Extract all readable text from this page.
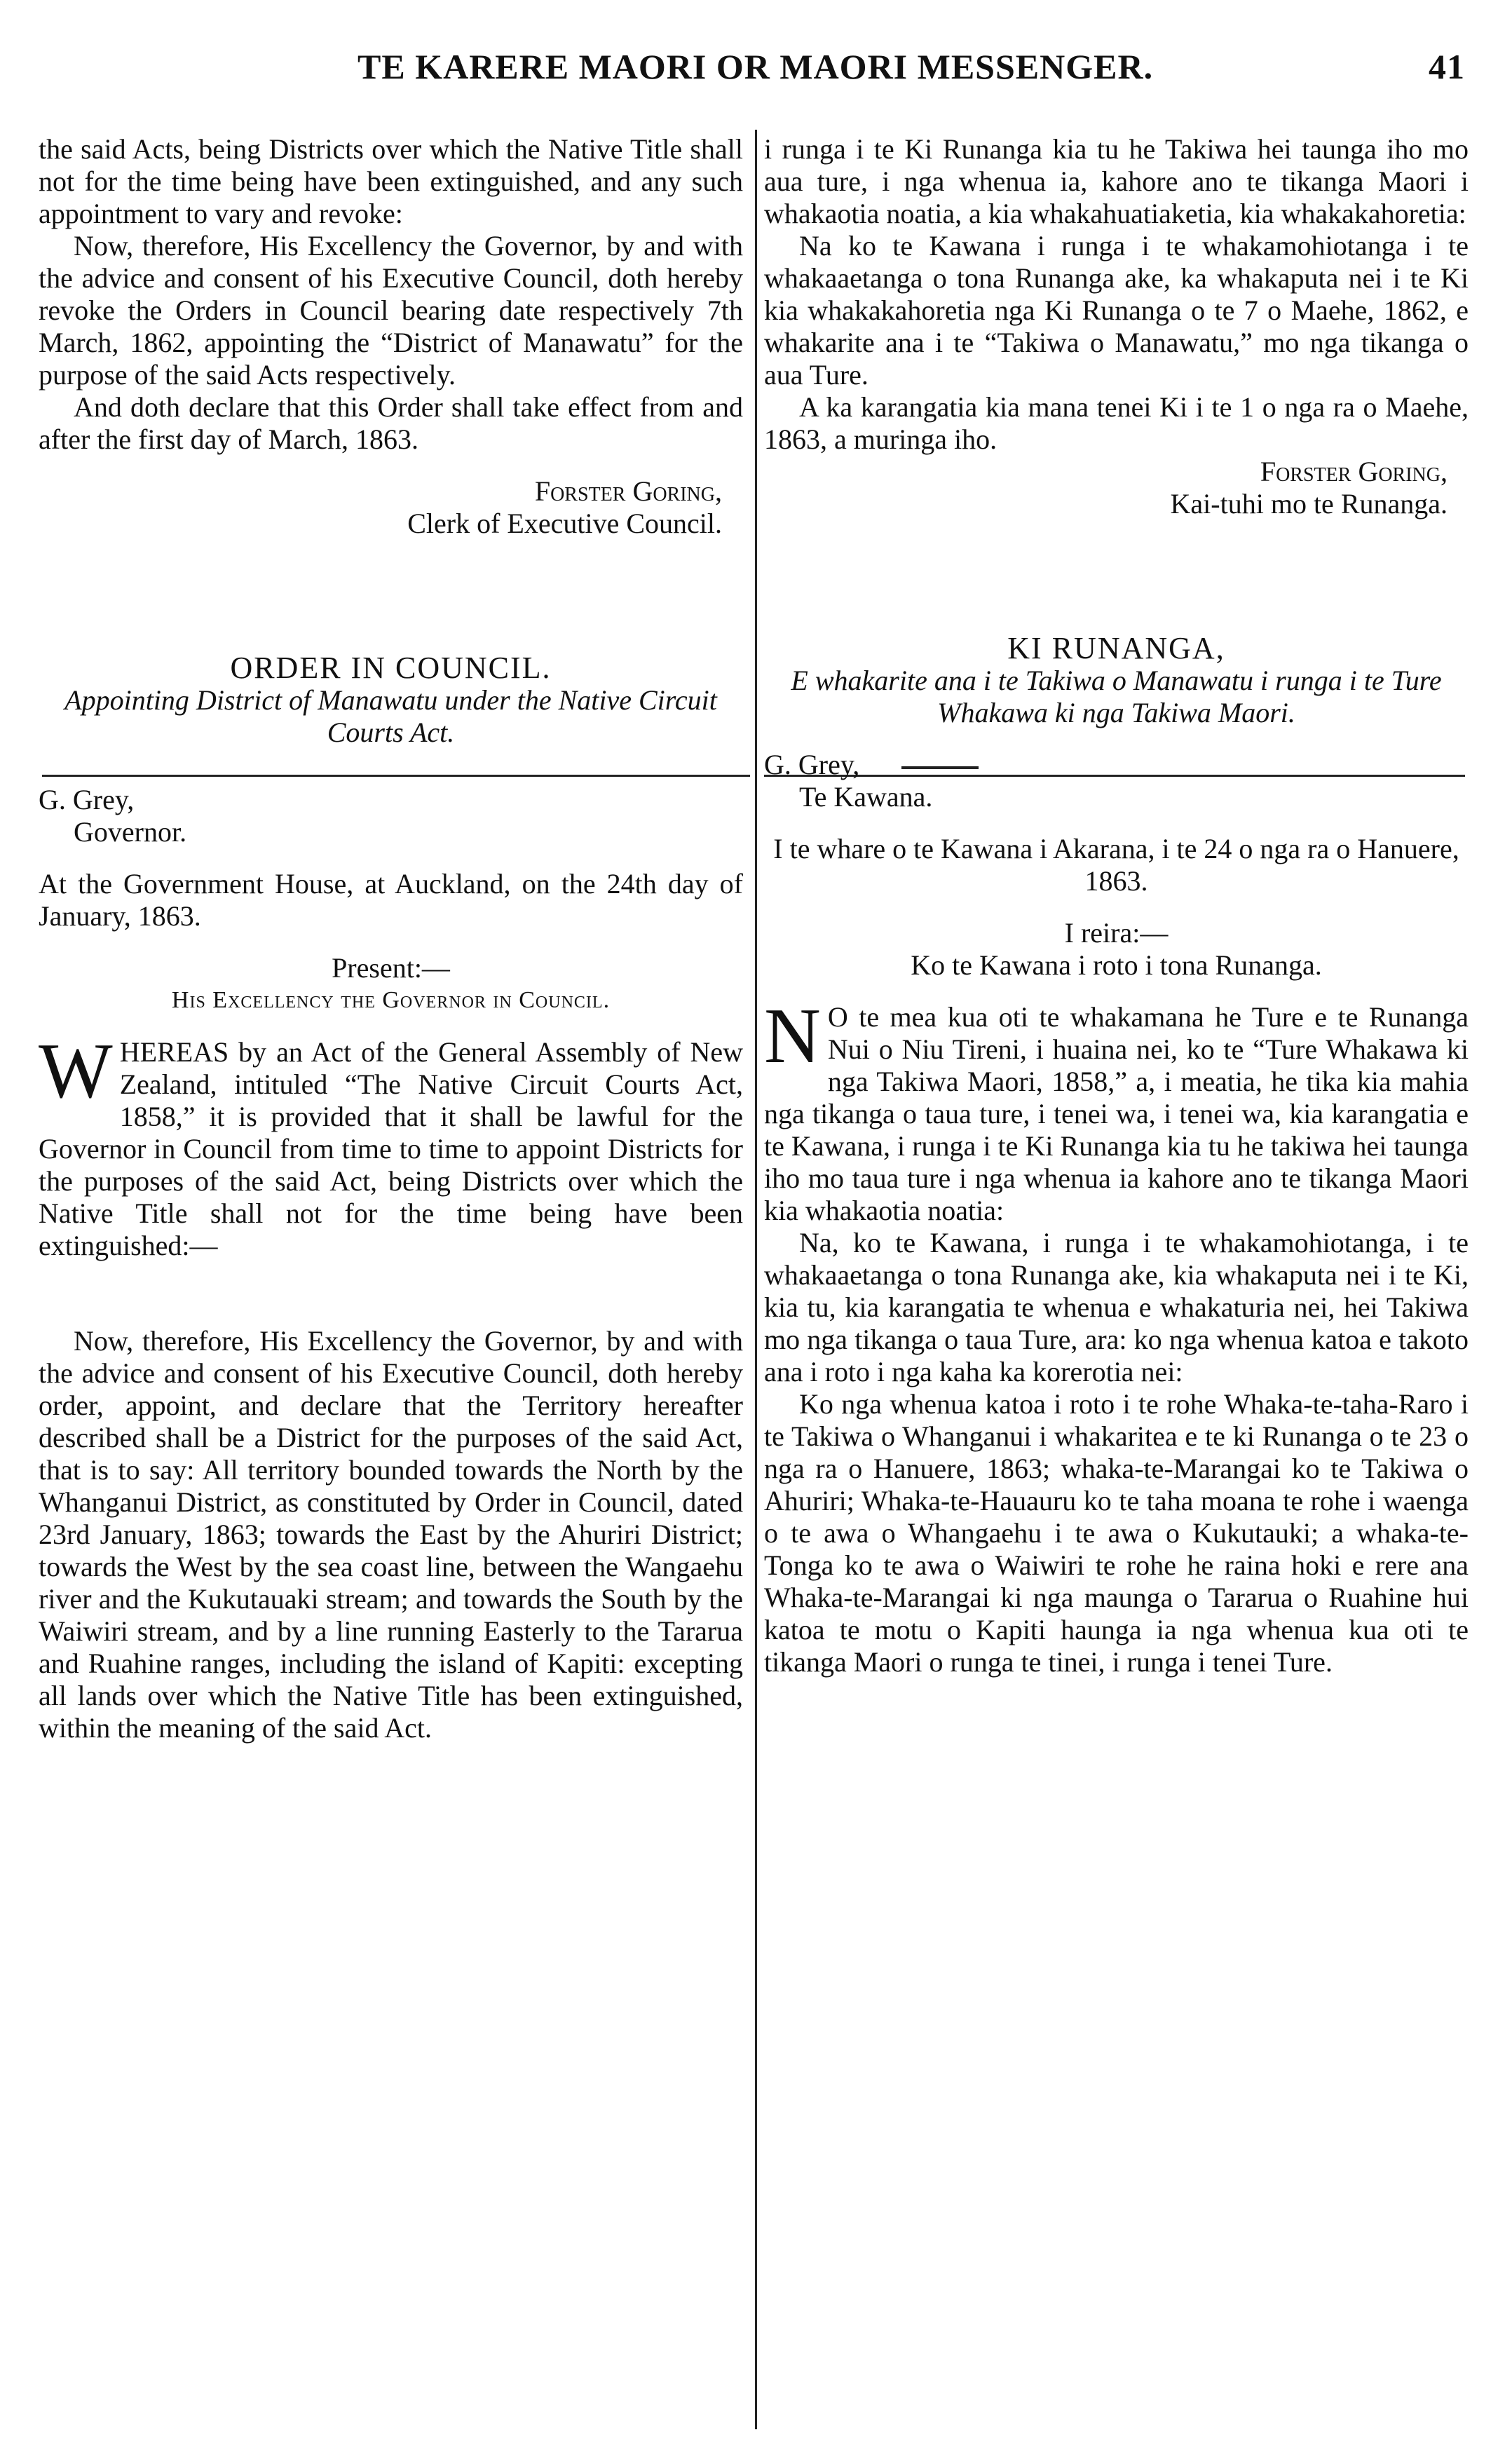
TE KARERE MAORI OR MAORI MESSENGER.	41

the said Acts, being Districts over which the Native Title shall not for the time being have been extinguished, and any such appointment to vary and revoke:

Now, therefore, His Excellency the Governor, by and with the advice and consent of his Executive Council, doth hereby revoke the Orders in Council bearing date respectively 7th March, 1862, appointing the “District of Manawatu” for the purpose of the said Acts respectively.

And doth declare that this Order shall take effect from and after the first day of March, 1863.

Forster Goring,

Clerk of Executive Council.

ORDER IN COUNCIL.

Appointing District of Manawatu under the Native Circuit Courts Act.

G. Grey,

Governor.

At the Government House, at Auckland, on the 24th day of January, 1863.

Present:—

His Excellency the Governor in Council.

WHEREAS by an Act of the General Assembly of New Zealand, intituled “The Native Circuit Courts Act, 1858,” it is provided that it shall be lawful for the Governor in Council from time to time to appoint Districts for the purposes of the said Act, being Districts over which the Native Title shall not for the time being have been extinguished:—

Now, therefore, His Excellency the Governor, by and with the advice and consent of his Executive Council, doth hereby order, appoint, and declare that the Territory hereafter described shall be a District for the purposes of the said Act, that is to say: All territory bounded towards the North by the Whanganui District, as constituted by Order in Council, dated 23rd January, 1863; towards the East by the Ahuriri District; towards the West by the sea coast line, between the Wangaehu river and the Kukutauaki stream; and towards the South by the Waiwiri stream, and by a line running Easterly to the Tararua and Ruahine ranges, including the island of Kapiti: excepting all lands over which the Native Title has been extinguished, within the meaning of the said Act.

i runga i te Ki Runanga kia tu he Takiwa hei taunga iho mo aua ture, i nga whenua ia, kahore ano te tikanga Maori i whakaotia noatia, a kia whakahuatiaketia, kia whakakahoretia:

Na ko te Kawana i runga i te whakamohiotanga i te whakaaetanga o tona Runanga ake, ka whakaputa nei i te Ki kia whakakahoretia nga Ki Runanga o te 7 o Maehe, 1862, e whakarite ana i te “Takiwa o Manawatu,” mo nga tikanga o aua Ture.

A ka karangatia kia mana tenei Ki i te 1 o nga ra o Maehe, 1863, a muringa iho.

Forster Goring,

Kai-tuhi mo te Runanga.

KI RUNANGA,

E whakarite ana i te Takiwa o Manawatu i runga i te Ture Whakawa ki nga Takiwa Maori.

G. Grey,

Te Kawana.

I te whare o te Kawana i Akarana, i te 24 o nga ra o Hanuere, 1863.

I reira:—

Ko te Kawana i roto i tona Runanga.

N O te mea kua oti te whakamana he Ture e te Runanga Nui o Niu Tireni, i huaina nei, ko te “Ture Whakawa ki nga Takiwa Maori, 1858,” a, i meatia, he tika kia mahia nga tikanga o taua ture, i tenei wa, i tenei wa, kia karangatia e te Kawana, i runga i te Ki Runanga kia tu he takiwa hei taunga iho mo taua ture i nga whenua ia kahore ano te tikanga Maori kia whakaotia noatia:

Na, ko te Kawana, i runga i te whakamohiotanga, i te whakaaetanga o tona Runanga ake, kia whakaputa nei i te Ki, kia tu, kia karangatia te whenua e whakaturia nei, hei Takiwa mo nga tikanga o taua Ture, ara: ko nga whenua katoa e takoto ana i roto i nga kaha ka korerotia nei:

Ko nga whenua katoa i roto i te rohe Whaka-te-taha-Raro i te Takiwa o Whanganui i whakaritea e te ki Runanga o te 23 o nga ra o Hanuere, 1863; whaka-te-Marangai ko te Takiwa o Ahuriri; Whaka-te-Hauauru ko te taha moana te rohe i waenga o te awa o Whangaehu i te awa o Kukutauki; a whaka-te-Tonga ko te awa o Waiwiri te rohe he raina hoki e rere ana Whaka-te-Marangai ki nga maunga o Tararua o Ruahine hui katoa te motu o Kapiti haunga ia nga whenua kua oti te tikanga Maori o runga te tinei, i runga i tenei Ture.
